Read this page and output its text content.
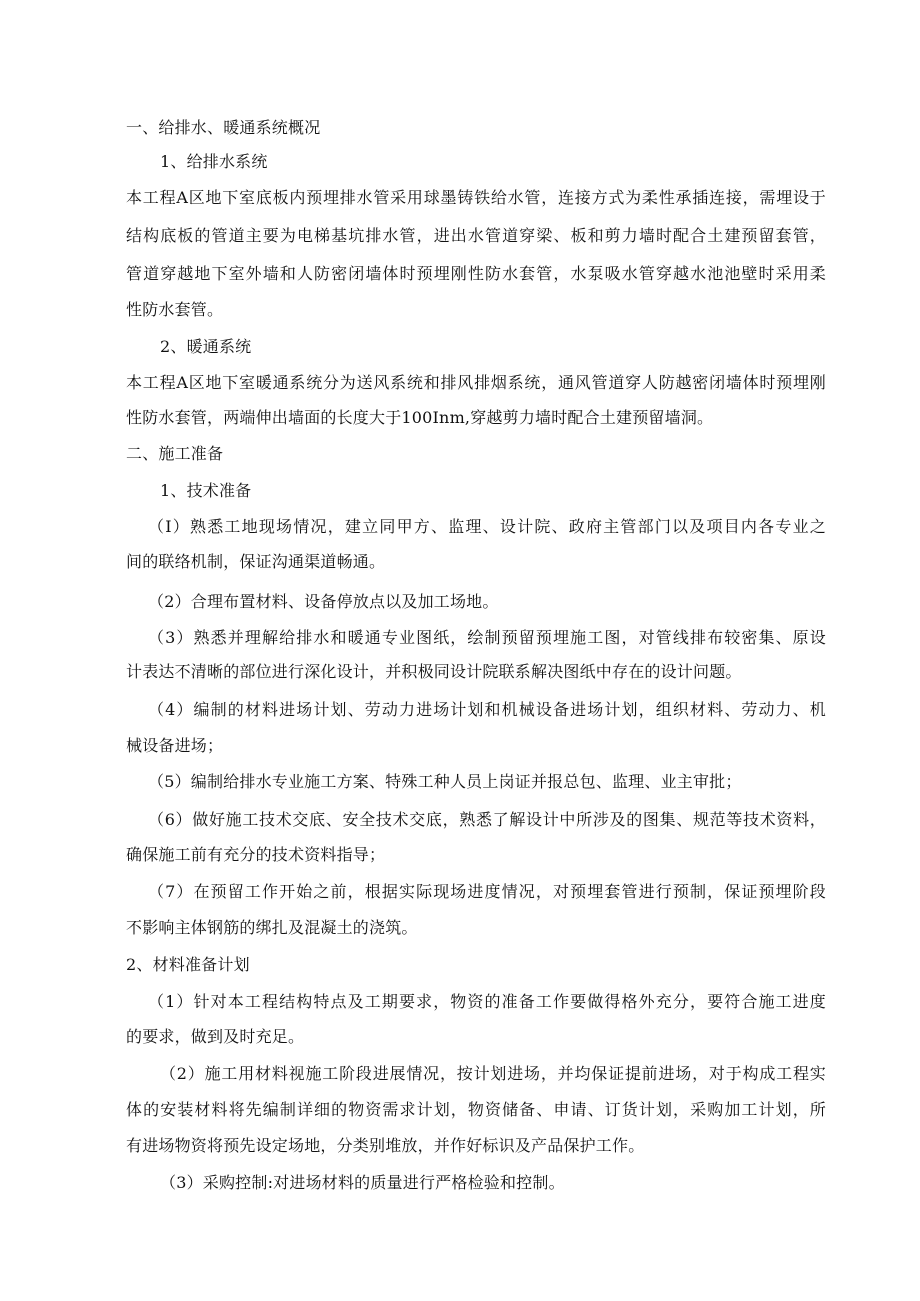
一、给排水、暖通系统概况
1、给排水系统
本工程A区地下室底板内预埋排水管采用球墨铸铁给水管，连接方式为柔性承插连接，需埋设于
结构底板的管道主要为电梯基坑排水管，进出水管道穿梁、板和剪力墙时配合土建预留套管，
管道穿越地下室外墙和人防密闭墙体时预埋刚性防水套管，水泵吸水管穿越水池池壁时采用柔
性防水套管。
2、暖通系统
本工程A区地下室暖通系统分为送风系统和排风排烟系统，通风管道穿人防越密闭墙体时预埋刚
性防水套管，两端伸出墙面的长度大于100Inm,穿越剪力墙时配合土建预留墙洞。
二、施工准备
1、技术准备
（I）熟悉工地现场情况，建立同甲方、监理、设计院、政府主管部门以及项目内各专业之
间的联络机制，保证沟通渠道畅通。
（2）合理布置材料、设备停放点以及加工场地。
（3）熟悉并理解给排水和暖通专业图纸，绘制预留预埋施工图，对管线排布较密集、原设
计表达不清晰的部位进行深化设计，并积极同设计院联系解决图纸中存在的设计问题。
（4）编制的材料进场计划、劳动力进场计划和机械设备进场计划，组织材料、劳动力、机
械设备进场；
（5）编制给排水专业施工方案、特殊工种人员上岗证并报总包、监理、业主审批；
（6）做好施工技术交底、安全技术交底，熟悉了解设计中所涉及的图集、规范等技术资料，
确保施工前有充分的技术资料指导；
（7）在预留工作开始之前，根据实际现场进度情况，对预埋套管进行预制，保证预埋阶段
不影响主体钢筋的绑扎及混凝土的浇筑。
2、材料准备计划
（1）针对本工程结构特点及工期要求，物资的准备工作要做得格外充分，要符合施工进度
的要求，做到及时充足。
（2）施工用材料视施工阶段进展情况，按计划进场，并均保证提前进场，对于构成工程实
体的安装材料将先编制详细的物资需求计划，物资储备、申请、订货计划，采购加工计划，所
有进场物资将预先设定场地，分类别堆放，并作好标识及产品保护工作。
（3）采购控制:对进场材料的质量进行严格检验和控制。
